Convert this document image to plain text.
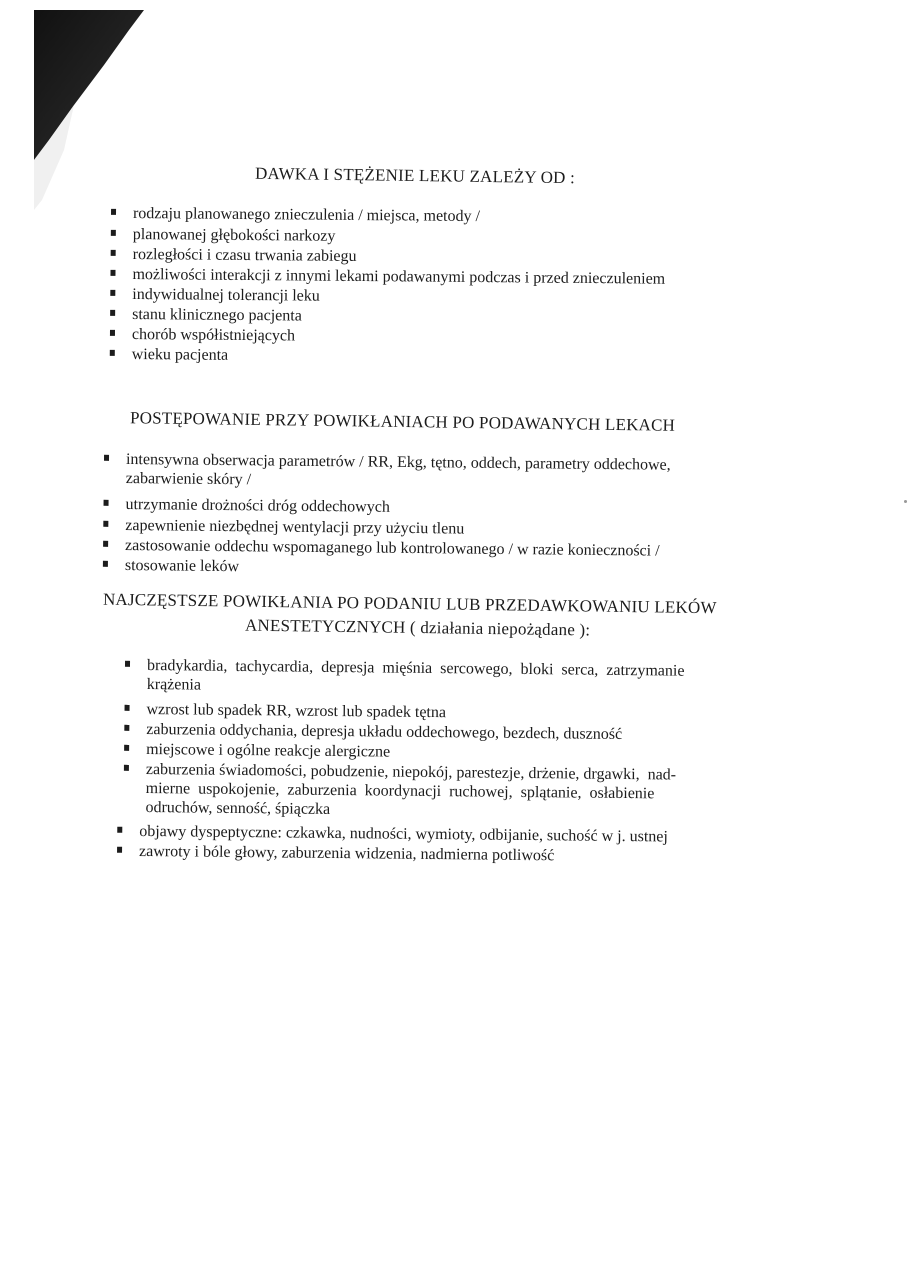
DAWKA I STĘŻENIE LEKU ZALEŻY OD :
rodzaju planowanego znieczulenia / miejsca, metody /
planowanej głębokości narkozy
rozległości i czasu trwania zabiegu
możliwości interakcji z innymi lekami podawanymi podczas i przed znieczuleniem
indywidualnej tolerancji leku
stanu klinicznego pacjenta
chorób współistniejących
wieku pacjenta
POSTĘPOWANIE PRZY POWIKŁANIACH PO PODAWANYCH LEKACH
intensywna obserwacja parametrów / RR, Ekg, tętno, oddech, parametry oddechowe,
zabarwienie skóry /
utrzymanie drożności dróg oddechowych
zapewnienie niezbędnej wentylacji przy użyciu tlenu
zastosowanie oddechu wspomaganego lub kontrolowanego / w razie konieczności /
stosowanie leków
NAJCZĘSTSZE POWIKŁANIA PO PODANIU LUB PRZEDAWKOWANIU LEKÓW
ANESTETYCZNYCH ( działania niepożądane ):
bradykardia,  tachycardia,  depresja  mięśnia  sercowego,  bloki  serca,  zatrzymanie
krążenia
wzrost lub spadek RR, wzrost lub spadek tętna
zaburzenia oddychania, depresja układu oddechowego, bezdech, duszność
miejscowe i ogólne reakcje alergiczne
zaburzenia świadomości, pobudzenie, niepokój, parestezje, drżenie, drgawki,  nad-
mierne  uspokojenie,  zaburzenia  koordynacji  ruchowej,  splątanie,  osłabienie
odruchów, senność, śpiączka
objawy dyspeptyczne: czkawka, nudności, wymioty, odbijanie, suchość w j. ustnej
zawroty i bóle głowy, zaburzenia widzenia, nadmierna potliwość
